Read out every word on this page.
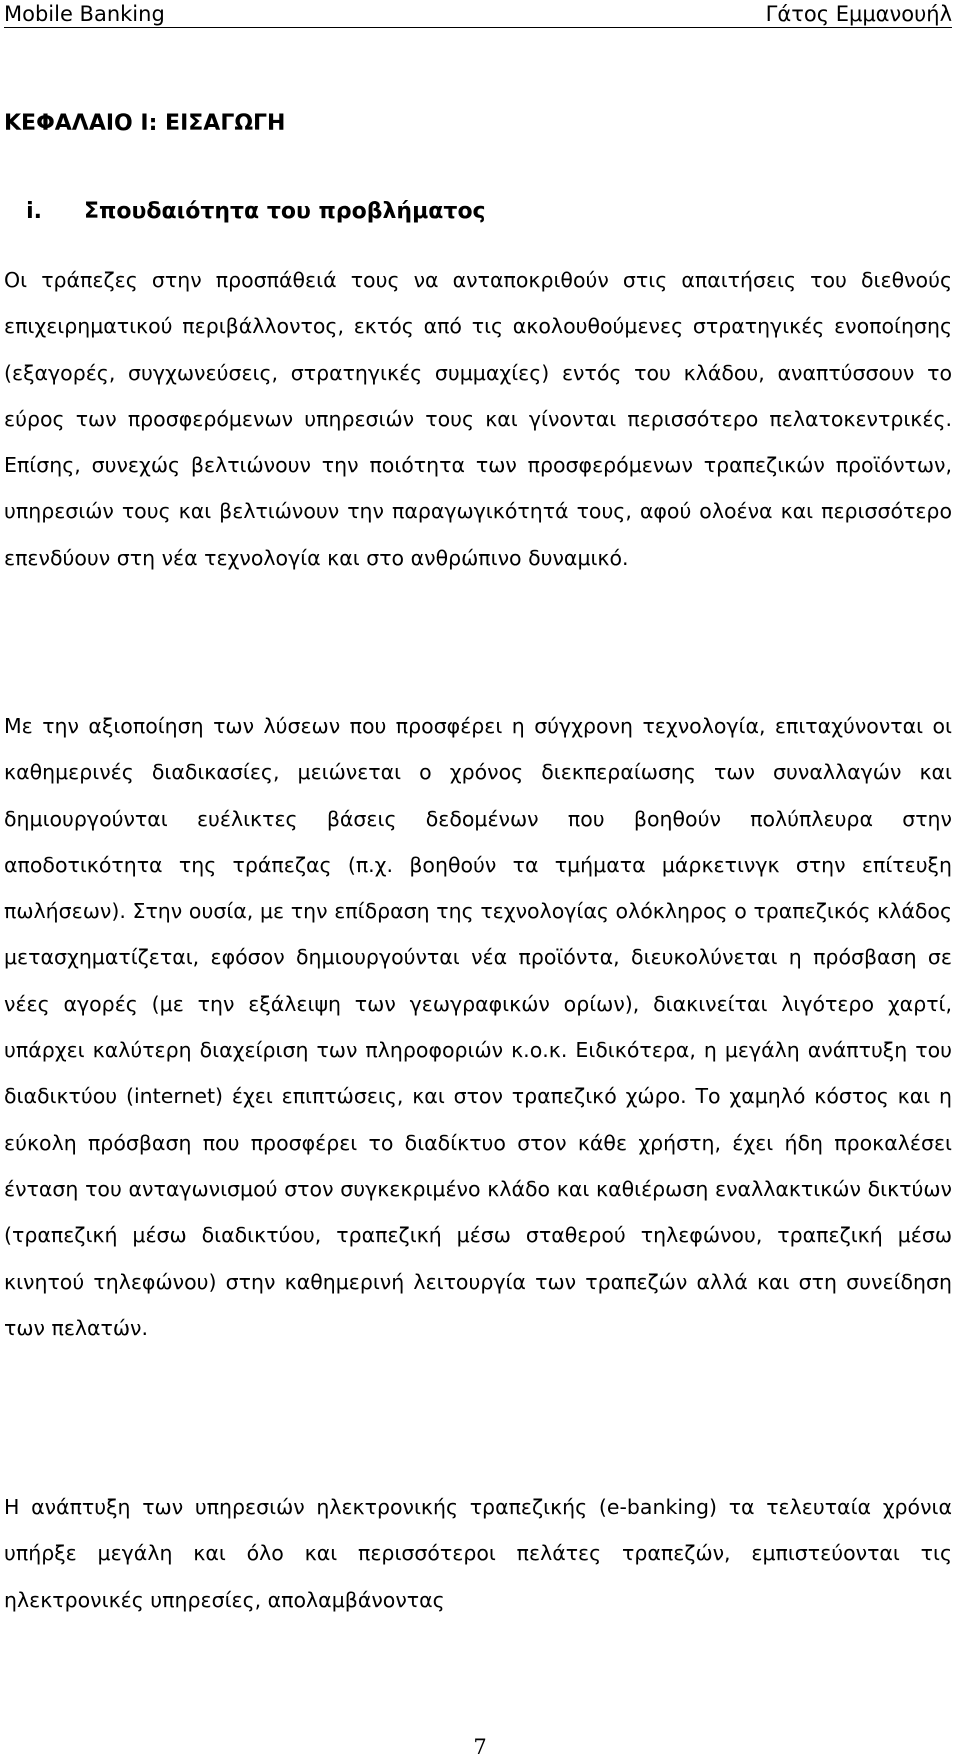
Mobile Banking	Γάτος Εμμανουήλ
ΚΕΦΑΛΑΙΟ Ι: ΕΙΣΑΓΩΓΗ
i.	Σπουδαιότητα του προβλήματος

Οι τράπεζες στην προσπάθειά τους να ανταποκριθούν στις απαιτήσεις του διεθνούς επιχειρηματικού περιβάλλοντος, εκτός από τις ακολουθούμενες στρατηγικές ενοποίησης (εξαγορές, συγχωνεύσεις, στρατηγικές συμμαχίες) εντός του κλάδου, αναπτύσσουν το εύρος των προσφερόμενων υπηρεσιών τους και γίνονται περισσότερο πελατοκεντρικές. Επίσης, συνεχώς βελτιώνουν την ποιότητα των προσφερόμενων τραπεζικών προϊόντων, υπηρεσιών τους και βελτιώνουν την παραγωγικότητά τους, αφού ολοένα και περισσότερο επενδύουν στη νέα τεχνολογία και στο ανθρώπινο δυναμικό.

Με την αξιοποίηση των λύσεων που προσφέρει η σύγχρονη τεχνολογία, επιταχύνονται οι καθημερινές διαδικασίες, μειώνεται ο χρόνος διεκπεραίωσης των συναλλαγών και δημιουργούνται ευέλικτες βάσεις δεδομένων που βοηθούν πολύπλευρα στην αποδοτικότητα της τράπεζας (π.χ. βοηθούν τα τμήματα μάρκετινγκ στην επίτευξη πωλήσεων). Στην ουσία, με την επίδραση της τεχνολογίας ολόκληρος ο τραπεζικός κλάδος μετασχηματίζεται, εφόσον δημιουργούνται νέα προϊόντα, διευκολύνεται η πρόσβαση σε νέες αγορές (με την εξάλειψη των γεωγραφικών ορίων), διακινείται λιγότερο χαρτί, υπάρχει καλύτερη διαχείριση των πληροφοριών κ.ο.κ. Ειδικότερα, η μεγάλη ανάπτυξη του διαδικτύου (internet) έχει επιπτώσεις, και στον τραπεζικό χώρο. Το χαμηλό κόστος και η εύκολη πρόσβαση που προσφέρει το διαδίκτυο στον κάθε χρήστη, έχει ήδη προκαλέσει ένταση του ανταγωνισμού στον συγκεκριμένο κλάδο και καθιέρωση εναλλακτικών δικτύων (τραπεζική μέσω διαδικτύου, τραπεζική μέσω σταθερού τηλεφώνου, τραπεζική μέσω κινητού τηλεφώνου) στην καθημερινή λειτουργία των τραπεζών αλλά και στη συνείδηση των πελατών.

Η ανάπτυξη των υπηρεσιών ηλεκτρονικής τραπεζικής (e-banking) τα τελευταία χρόνια υπήρξε μεγάλη και όλο και περισσότεροι πελάτες τραπεζών, εμπιστεύονται τις ηλεκτρονικές υπηρεσίες, απολαμβάνοντας

7
